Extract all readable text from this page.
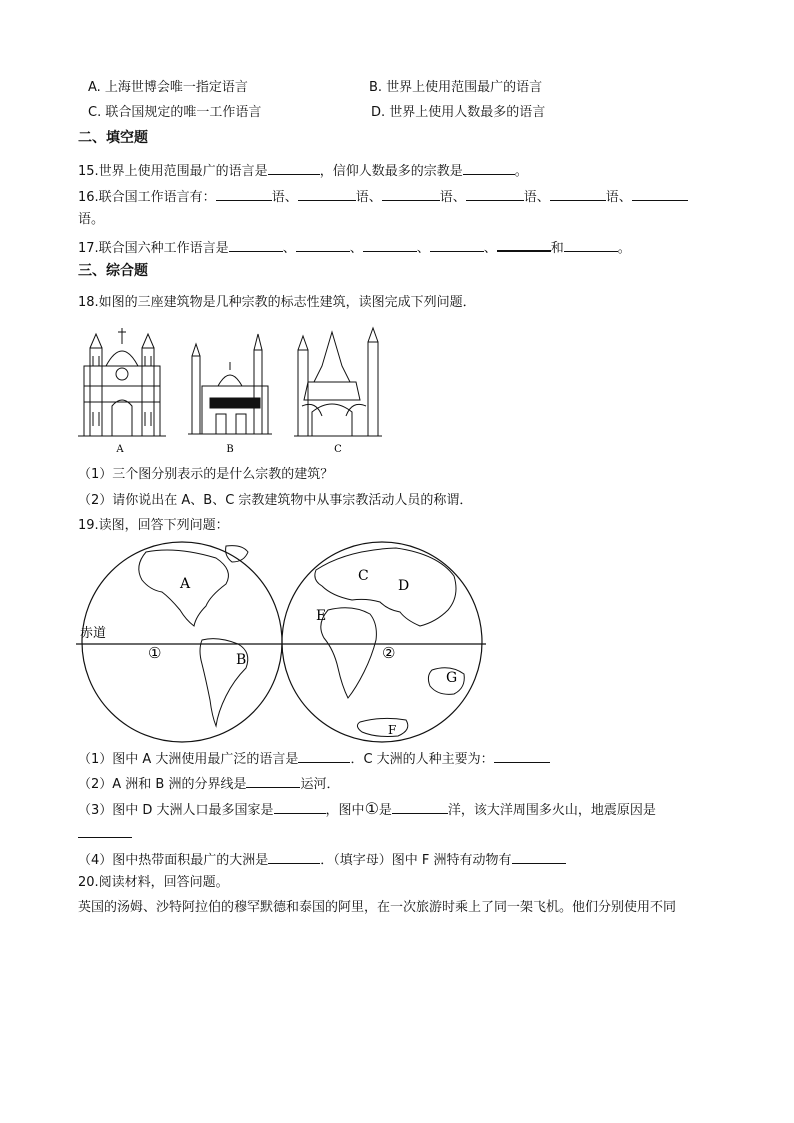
A. 上海世博会唯一指定语言	B. 世界上使用范围最广的语言
C. 联合国规定的唯一工作语言	D. 世界上使用人数最多的语言
二、填空题
15.世界上使用范围最广的语言是	，信仰人数最多的宗教是	。
16.联合国工作语言有：	语、	语、	语、	语、	语、
语。
17.联合国六种工作语言是	、	、	、	、	和	。
三、综合题
18.如图的三座建筑物是几种宗教的标志性建筑，读图完成下列问题．
A	B	C
（1）三个图分别表示的是什么宗教的建筑？
（2）请你说出在 A、B、C 宗教建筑物中从事宗教活动人员的称谓．
19.读图，回答下列问题：
赤道
A
B
C
D
E
G
F
①	②
（1）图中 A 大洲使用最广泛的语言是	．C 大洲的人种主要为：
（2）A 洲和 B 洲的分界线是	运河．
（3）图中 D 大洲人口最多国家是	，图中①是	洋，该大洋周围多火山，地震原因是
（4）图中热带面积最广的大洲是	．（填字母）图中 F 洲特有动物有
20.阅读材料，回答问题。
英国的汤姆、沙特阿拉伯的穆罕默德和泰国的阿里，在一次旅游时乘上了同一架飞机。他们分别使用不同
